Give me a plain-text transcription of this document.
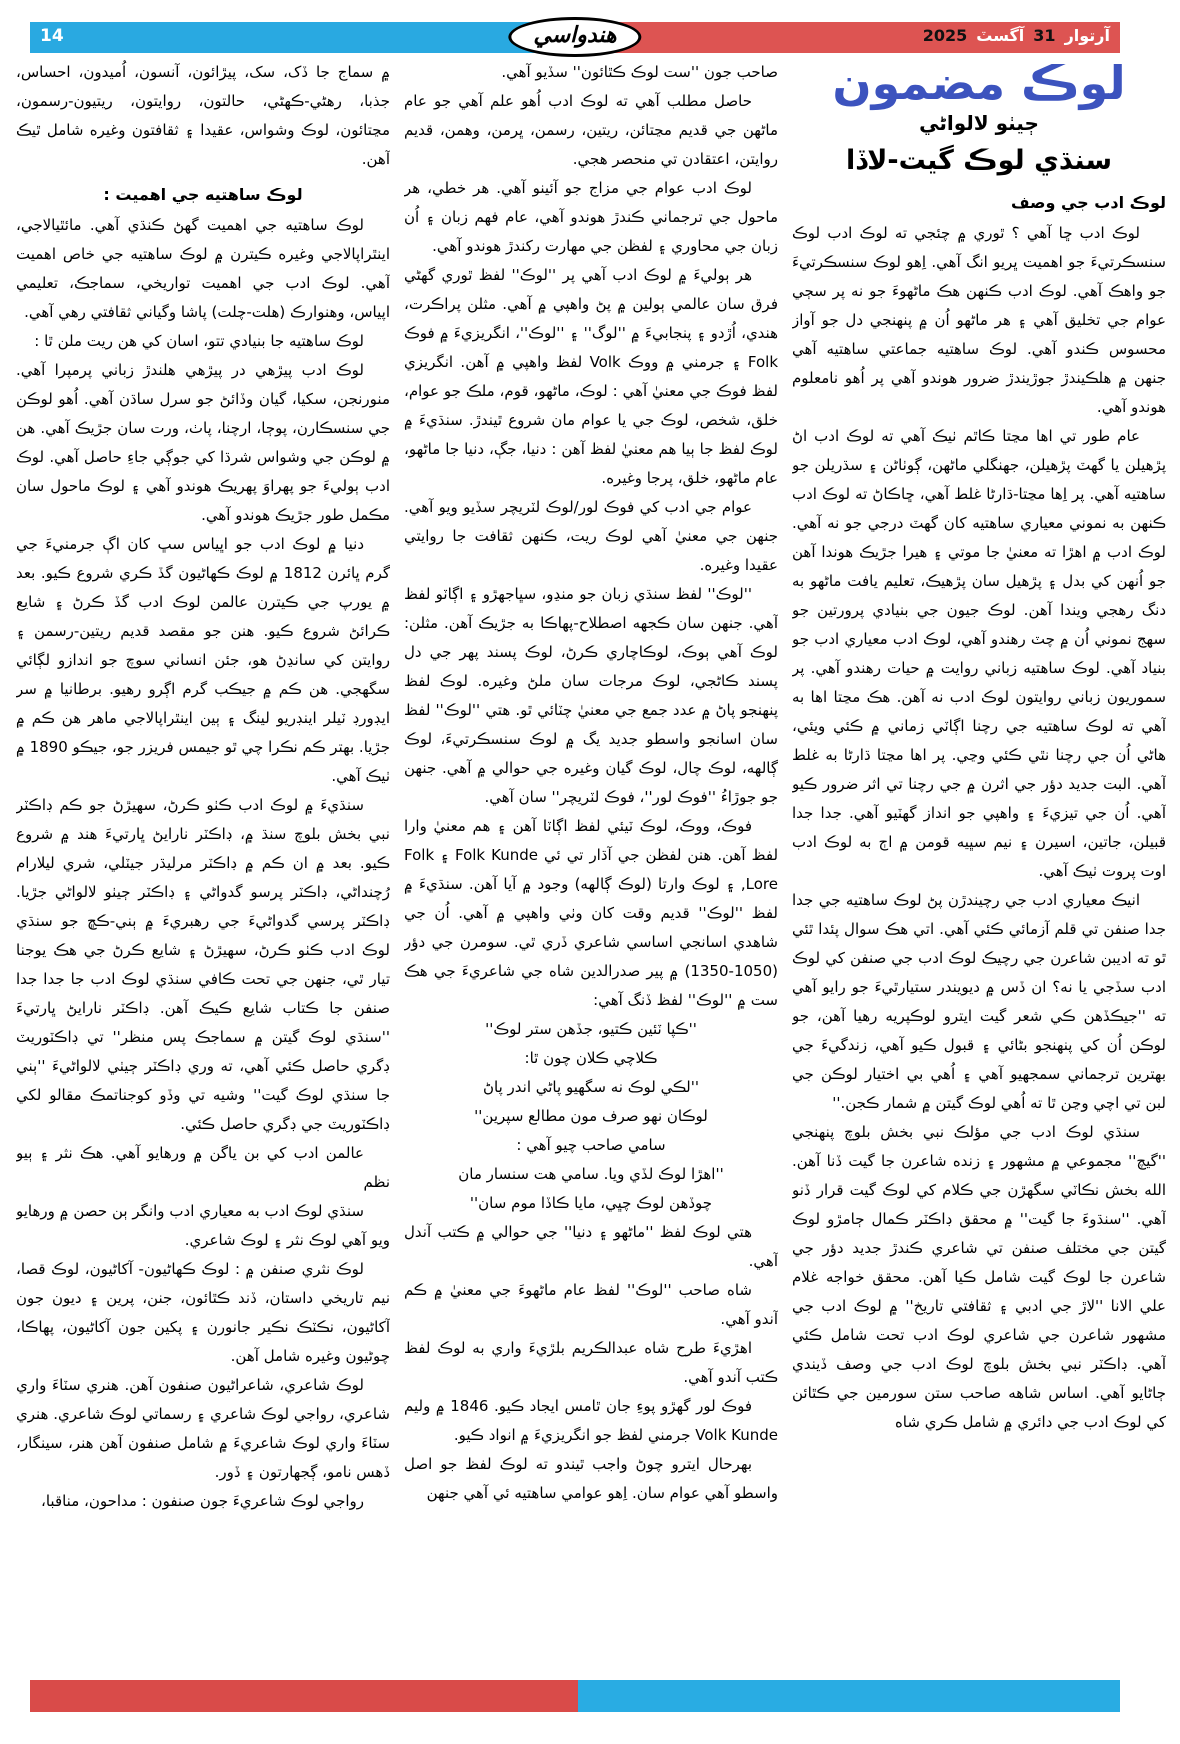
14	آرتوار
31
آگسٽ
2025
هندواسي
لوڪ مضمون
ڄيٺو لالواڻي
سنڌي لوڪ گيت-لاڏا
لوڪ ادب جي وصف
لوڪ ادب ڇا آهي ؟ ٿوري ۾ چئجي ته لوڪ ادب لوڪ سنسڪرتيءَ جو اهميت ڀريو انگ آهي. اِهو لوڪ سنسڪرتيءَ جو واهڪ آهي. لوڪ ادب ڪنهن هڪ ماڻهوءَ جو نه پر سڄي عوام جي تخليق آهي ۽ هر ماڻهو اُن ۾ پنهنجي دل جو آواز محسوس ڪندو آهي. لوڪ ساهتيه جماعتي ساهتيه آهي جنهن ۾ هلڪيندڙ جوڙيندڙ ضرور هوندو آهي پر اُهو نامعلوم هوندو آهي.
عام طور تي اها مڃتا ڪاٿم ٺيڪ آهي ته لوڪ ادب اڻ پڙهيلن يا گهٽ پڙهيلن، جهنگلي ماڻهن، ڳوٺاڻن ۽ سڌريلن جو ساهتيه آهي. پر اِها مڃتا-ڌارڻا غلط آهي، ڇاڪاڻ ته لوڪ ادب ڪنهن به نموني معياري ساهتيه کان گهٽ درجي جو نه آهي. لوڪ ادب ۾ اهڙا ته معنيٰ جا موتي ۽ هيرا جڙيڪ هوندا آهن جو اُنهن کي بدل ۽ پڙهيل سان پڙهيڪ، تعليم يافت ماڻهو به دنگ رهجي ويندا آهن. لوڪ جيون جي بنيادي پرورتين جو سهج نموني اُن ۾ چٽ رهندو آهي، لوڪ ادب معياري ادب جو بنياد آهي. لوڪ ساهتيه زباني روايت ۾ حيات رهندو آهي. پر سموريون زباني روايتون لوڪ ادب نه آهن. هڪ مڃتا اها به آهي ته لوڪ ساهتيه جي رچنا اڳاٽي زماني ۾ ڪئي ويئي، هاڻي اُن جي رچنا نٿي ڪئي وڃي. پر اها مڃتا ڌارڻا به غلط آهي. البت جديد دؤر جي اثرن ۾ جي رچنا تي اثر ضرور ڪيو آهي. اُن جي تيزيءَ ۽ واهپي جو انداز گهٽيو آهي. جدا جدا قبيلن، جاتين، اسيرن ۽ نيم سڀيه قومن ۾ اڄ به لوڪ ادب اوت پروت ٺيڪ آهي.
انيڪ معياري ادب جي رچيندڙن پڻ لوڪ ساهتيه جي جدا جدا صنفن تي قلم آزمائي ڪئي آهي. اتي هڪ سوال پئدا ٿئي ٿو ته اديبن شاعرن جي رچيڪ لوڪ ادب جي صنفن کي لوڪ ادب سڏجي يا نه؟ ان ڏس ۾ ديويندر ستيارٿيءَ جو رايو آهي ته ''جيڪڏهن ڪي شعر گيت ايترو لوڪپريه رهيا آهن، جو لوڪن اُن کي پنهنجو بڻائي ۽ قبول ڪيو آهي، زندگيءَ جي بهترين ترجماني سمجهيو آهي ۽ اُهي بي اختيار لوڪن جي لبن تي اچي وڃن ٿا ته اُهي لوڪ گيتن ۾ شمار ڪجن.''
سنڌي لوڪ ادب جي مؤلڪ نبي بخش بلوچ پنهنجي ''گيچ'' مجموعي ۾ مشهور ۽ زنده شاعرن جا گيت ڏنا آهن. الله بخش نڪاٽي سگهڙن جي ڪلام کي لوڪ گيت قرار ڏنو آهي. ''سنڌوءَ جا گيت'' ۾ محقق ڊاڪٽر ڪمال ڄامڙو لوڪ گيتن جي مختلف صنفن تي شاعري ڪندڙ جديد دؤر جي شاعرن جا لوڪ گيت شامل ڪيا آهن. محقق خواجه غلام علي الانا ''لاڙ جي ادبي ۽ ثقافتي تاريخ'' ۾ لوڪ ادب جي مشهور شاعرن جي شاعري لوڪ ادب تحت شامل ڪئي آهي. ڊاڪٽر نبي بخش بلوچ لوڪ ادب جي وصف ڏيندي ڄاڻايو آهي. اساس شاهه صاحب ستن سورمين جي ڪٿائن کي لوڪ ادب جي دائري ۾ شامل ڪري شاه
صاحب جون ''ست لوڪ ڪٿائون'' سڏيو آهي.
حاصل مطلب آهي ته لوڪ ادب اُهو علم آهي جو عام ماڻهن جي قديم مڃتائن، ريتين، رسمن، ڀرمن، وهمن، قديم روايتن، اعتقادن تي منحصر هجي.
لوڪ ادب عوام جي مزاج جو آئينو آهي. هر خطي، هر ماحول جي ترجماني ڪندڙ هوندو آهي، عام فهم زبان ۽ اُن زبان جي محاوري ۽ لفظن جي مهارت رکندڙ هوندو آهي.
هر ٻوليءَ ۾ لوڪ ادب آهي پر ''لوڪ'' لفظ ٿوري گهڻي فرق سان عالمي ٻولين ۾ پڻ واهپي ۾ آهي. مثلن پراڪرت، هندي، اُڙدو ۽ پنجابيءَ ۾ ''لوگ'' ۽ ''لوڪ''، انگريزيءَ ۾ فوڪ Folk ۽ جرمني ۾ ووڪ Volk لفظ واهپي ۾ آهن. انگريزي لفظ فوڪ جي معنيٰ آهي : لوڪ، ماڻهو، قوم، ملڪ جو عوام، خلق، شخص، لوڪ جي يا عوام مان شروع ٿيندڙ. سنڌيءَ ۾ لوڪ لفظ جا ٻيا هم معنيٰ لفظ آهن : دنيا، جڳ، دنيا جا ماڻهو، عام ماڻهو، خلق، پرجا وغيره.
عوام جي ادب کي فوڪ لور/لوڪ لٽريچر سڏيو ويو آهي. جنهن جي معنيٰ آهي لوڪ ريت، ڪنهن ثقافت جا روايتي عقيدا وغيره.
''لوڪ'' لفظ سنڌي زبان جو منڍو، سڀاجهڙو ۽ اڳاٽو لفظ آهي. جنهن سان ڪجهه اصطلاح-پهاڪا به جڙيڪ آهن. مثلن: لوڪ آهي ٻوڪ، لوڪاچاري ڪرڻ، لوڪ پسند پهر جي دل پسند ڪاڻجي، لوڪ مرجات سان ملڻ وغيره. لوڪ لفظ پنهنجو پاڻ ۾ عدد جمع جي معنيٰ چٽائي ٿو. هتي ''لوڪ'' لفظ سان اسانجو واسطو جديد يگ ۾ لوڪ سنسڪرتيءَ، لوڪ ڳالهه، لوڪ چال، لوڪ گيان وغيره جي حوالي ۾ آهي. جنهن جو جوڙاءُ ''فوڪ لور''، فوڪ لٽريچر'' سان آهي.
فوڪ، ووڪ، لوڪ ٽيئي لفظ اڳاٽا آهن ۽ هم معنيٰ وارا لفظ آهن. هنن لفظن جي آڌار تي ئي Folk Kunde ۽ Folk Lore, ۽ لوڪ وارتا (لوڪ ڳالهه) وجود ۾ آيا آهن. سنڌيءَ ۾ لفظ ''لوڪ'' قديم وقت کان وٺي واهپي ۾ آهي. اُن جي شاهدي اسانجي اساسي شاعري ڏري ٿي. سومرن جي دؤر (1050-1350) ۾ پير صدرالدين شاه جي شاعريءَ جي هڪ ست ۾ ''لوڪ'' لفظ ڏنگ آهي:
''ڪپا ٽئين ڪتيو، جڏهن ستر لوڪ''
ڪلاچي ڪلان چون ٿا:
''لڪي لوڪ نه سگهيو پاڻي اندر پاڻ
لوڪان نهو صرف مون مطالع سپرين''
سامي صاحب چيو آهي :
''اهڙا لوڪ لڏي ويا. سامي هت سنسار مان
چوڏهن لوڪ چڀي، مايا ڪاڏا موم سان''
هتي لوڪ لفظ ''ماڻهو ۽ دنيا'' جي حوالي ۾ ڪتب آندل آهي.
شاه صاحب ''لوڪ'' لفظ عام ماڻهوءَ جي معنيٰ ۾ ڪم آندو آهي.
اهڙيءَ طرح شاه عبدالڪريم بلڙيءَ واري به لوڪ لفظ ڪتب آندو آهي.
فوڪ لور گهڙو پوءِ جان ٿامس ايجاد ڪيو. 1846 ۾ وليم Volk Kunde جرمني لفظ جو انگريزيءَ ۾ انواد ڪيو.
بهرحال ايترو چوڻ واجب ٿيندو ته لوڪ لفظ جو اصل واسطو آهي عوام سان. اِهو عوامي ساهتيه ئي آهي جنهن
۾ سماج جا ڏک، سک، پيڙائون، آنسون، اُميدون، احساس، جذبا، رهڻي-ڪهڻي، حالتون، روايتون، ريتيون-رسمون، مڃتائون، لوڪ وشواس، عقيدا ۽ ثقافتون وغيره شامل ٿيڪ آهن.
لوڪ ساهتيه جي اهميت :
لوڪ ساهتيه جي اهميت گهڻ ڪنڌي آهي. مائٿيالاجي، اينٿراپالاجي وغيره ڪيترن ۾ لوڪ ساهتيه جي خاص اهميت آهي. لوڪ ادب جي اهميت تواريخي، سماجڪ، تعليمي اپياس، وهنوارڪ (هلت-چلت) پاشا وگياني ثقافتي رهي آهي.
لوڪ ساهتيه جا بنيادي تتو، اسان کي هن ريت ملن ٿا :
لوڪ ادب پيڙهي در پيڙهي هلندڙ زباني پرمپرا آهي. منورنجن، سکيا، گيان وڏائڻ جو سرل ساڌن آهي. اُهو لوڪن جي سنسڪارن، پوڄا، ارچنا، پاٺ، ورت سان جڙيڪ آهي. هن ۾ لوڪن جي وشواس شرڌا کي جوڳي جاءِ حاصل آهي. لوڪ ادب ٻوليءَ جو پهراوَ پهريڪ هوندو آهي ۽ لوڪ ماحول سان مڪمل طور جڙيڪ هوندو آهي.
دنيا ۾ لوڪ ادب جو اڀياس سڀ کان اڳ جرمنيءَ جي گرم ڀائرن 1812 ۾ لوڪ ڪهاڻيون گڏ ڪري شروع ڪيو. بعد ۾ يورپ جي ڪيترن عالمن لوڪ ادب گڏ ڪرڻ ۽ شايع ڪرائڻ شروع ڪيو. هنن جو مقصد قديم ريتين-رسمن ۽ روايتن کي سانڍڻ هو، جئن انساني سوچ جو اندازو لڳائي سگهجي. هن ڪم ۾ جيڪب گرم اڳرو رهيو. برطانيا ۾ سر ايڊورڊ ٽيلر اينڊريو لينگ ۽ ٻين اينٿراپالاجي ماهر هن ڪم ۾ جڙيا. بهتر ڪم نڪرا چي ٿو جيمس فريزر جو، جيڪو 1890 ۾ ٺيڪ آهي.
سنڌيءَ ۾ لوڪ ادب ڪٺو ڪرڻ، سهيڙڻ جو ڪم ڊاڪٽر نبي بخش بلوچ سنڌ ۾، ڊاڪٽر نارايڻ ڀارتيءَ هند ۾ شروع ڪيو. بعد ۾ ان ڪم ۾ ڊاڪٽر مرليڌر جيٽلي، شري ليلارام رُچنداڻي، ڊاڪٽر پرسو گدواڻي ۽ ڊاڪٽر ڄيٺو لالواڻي جڙيا. ڊاڪٽر پرسي گدواڻيءَ جي رهبريءَ ۾ ٻني-ڪڇ جو سنڌي لوڪ ادب ڪٺو ڪرڻ، سهيڙڻ ۽ شايع ڪرڻ جي هڪ يوجنا تيار ٿي، جنهن جي تحت ڪافي سنڌي لوڪ ادب جا جدا جدا صنفن جا ڪتاب شايع ڪيڪ آهن. ڊاڪٽر نارايڻ ڀارتيءَ ''سنڌي لوڪ گيتن ۾ سماجڪ پس منظر'' تي ڊاڪٽوريٽ ڊگري حاصل ڪئي آهي، ته وري ڊاڪٽر ڄيٺي لالواڻيءَ ''ٻني جا سنڌي لوڪ گيت'' وشيه تي وڏو کوجناتمڪ مقالو لکي ڊاڪٽوريٽ جي ڊگري حاصل ڪئي.
عالمن ادب کي بن ياگن ۾ ورهايو آهي. هڪ نثر ۽ ٻيو نظم
سنڌي لوڪ ادب به معياري ادب وانگر ٻن حصن ۾ ورهايو ويو آهي لوڪ نثر ۽ لوڪ شاعري.
لوڪ نثري صنفن ۾ : لوڪ ڪهاڻيون- آکاڻيون، لوڪ قصا، نيم تاريخي داستان، ڏند ڪٿائون، جنن، پرين ۽ ديون جون آکاڻيون، نڪٽڪ نڪير جانورن ۽ پکين جون آکاڻيون، پهاڪا، چوڻيون وغيره شامل آهن.
لوڪ شاعري، شاعراڻيون صنفون آهن. هنري سٽاءَ واري شاعري، رواجي لوڪ شاعري ۽ رسماتي لوڪ شاعري. هنري سٽاءَ واري لوڪ شاعريءَ ۾ شامل صنفون آهن هنر، سينگار، ڏهس نامو، ڳجهارتون ۽ ڏور.
رواجي لوڪ شاعريءَ جون صنفون : مداحون، مناقبا،
